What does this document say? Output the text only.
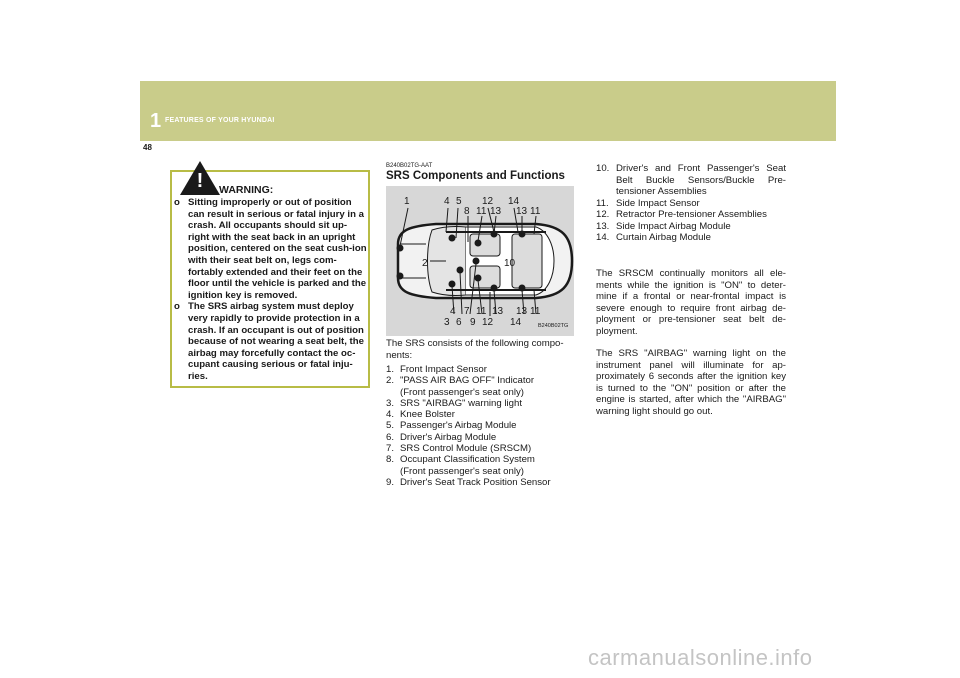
1 FEATURES OF YOUR HYUNDAI
48
!	WARNING:
o Sitting improperly or out of position can result in serious or fatal injury in a crash. All occupants should sit up-right with the seat back in an upright position, centered on the seat cush-ion with their seat belt on, legs com-fortably extended and their feet on the floor until the vehicle is parked and the ignition key is removed.
o The SRS airbag system must deploy very rapidly to provide protection in a crash. If an occupant is out of position because of not wearing a seat belt, the airbag may forcefully contact the oc-cupant causing serious or fatal inju-ries.
B240B02TG-AAT
SRS Components and Functions
1
2
4 5 12 14
8 11 13 13 11
10
4 7 11 13 13 11
3 6 9 12 14	B240B02TG
The SRS consists of the following compo-nents:
1. Front Impact Sensor
2. "PASS AIR BAG OFF" Indicator
(Front passenger's seat only)
3. SRS "AIRBAG" warning light
4. Knee Bolster
5. Passenger's Airbag Module
6. Driver's Airbag Module
7. SRS Control Module (SRSCM)
8. Occupant Classification System
(Front passenger's seat only)
9. Driver's Seat Track Position Sensor
10. Driver's and Front Passenger's Seat Belt Buckle Sensors/Buckle Pre-tensioner Assemblies
11. Side Impact Sensor
12. Retractor Pre-tensioner Assemblies
13. Side Impact Airbag Module
14. Curtain Airbag Module
The SRSCM continually monitors all ele-ments while the ignition is "ON" to deter-mine if a frontal or near-frontal impact is severe enough to require front airbag de-ployment or pre-tensioner seat belt de-ployment.
The SRS "AIRBAG" warning light on the instrument panel will illuminate for ap-proximately 6 seconds after the ignition key is turned to the "ON" position or after the engine is started, after which the "AIRBAG" warning light should go out.
carmanualsonline.info
